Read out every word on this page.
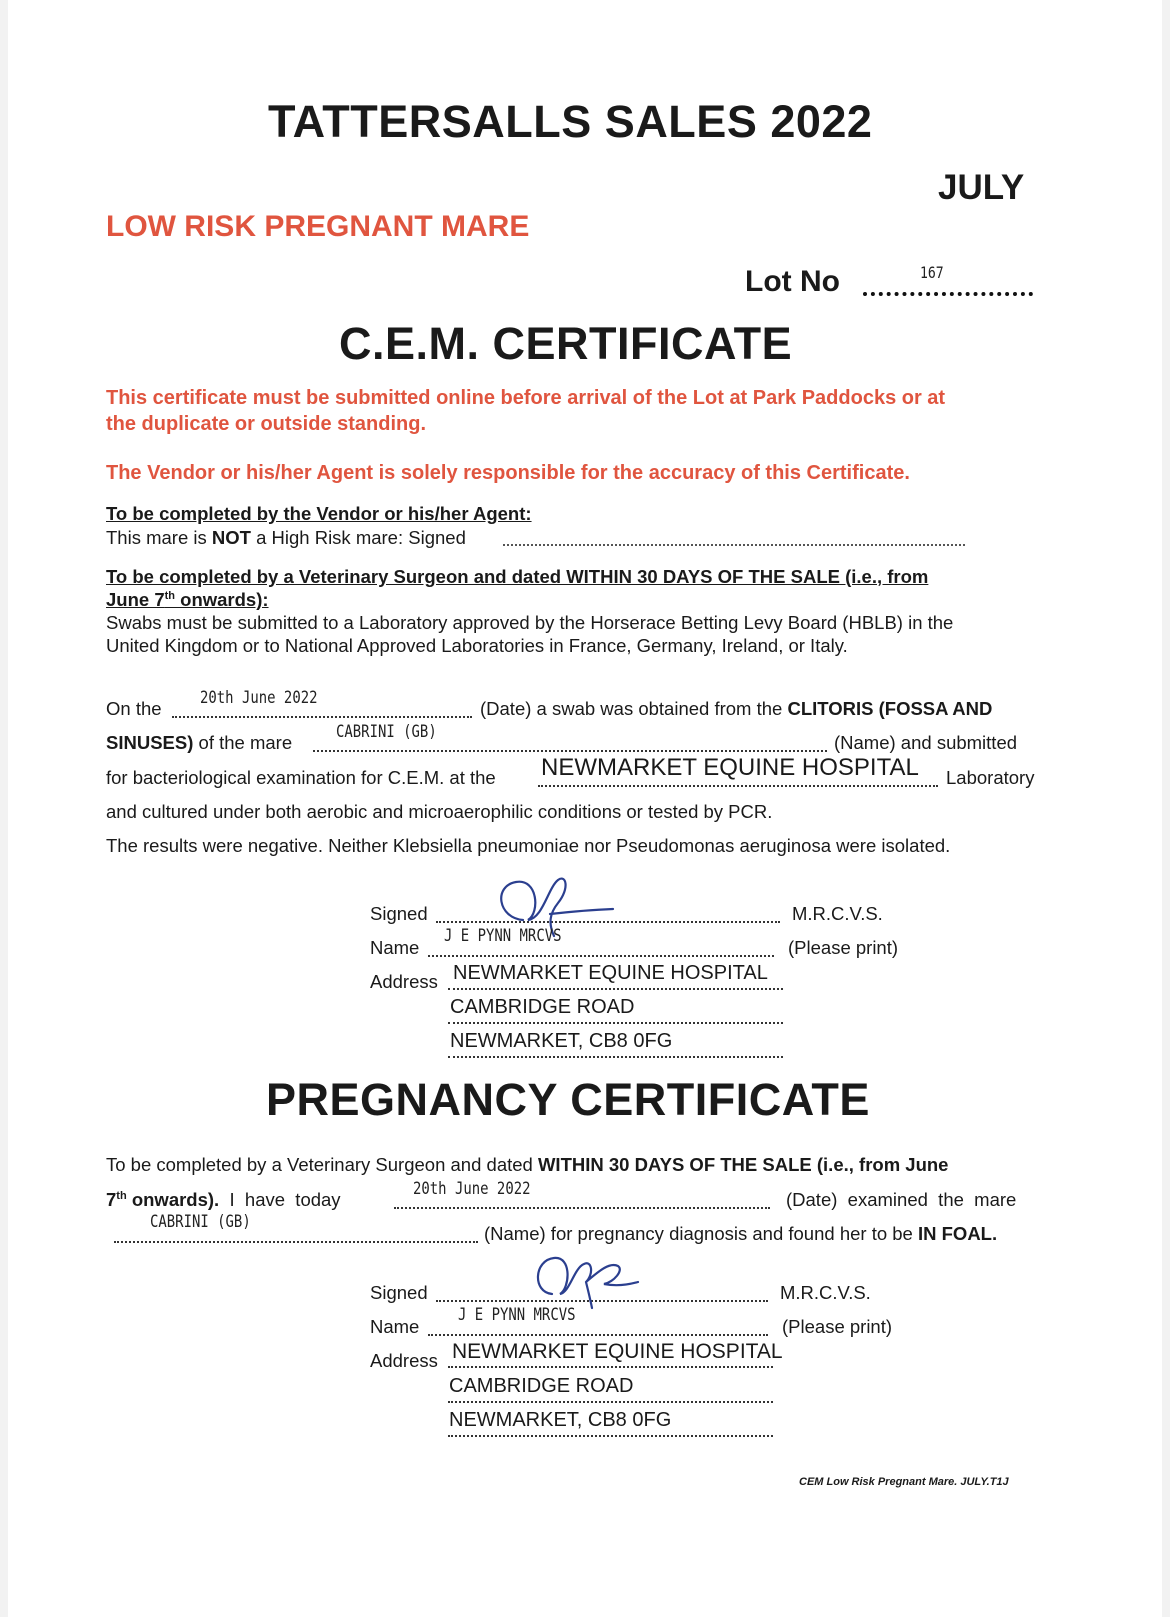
TATTERSALLS SALES 2022
JULY
LOW RISK PREGNANT MARE
Lot No	167
C.E.M. CERTIFICATE
This certificate must be submitted online before arrival of the Lot at Park Paddocks or at
the duplicate or outside standing.
The Vendor or his/her Agent is solely responsible for the accuracy of this Certificate.
To be completed by the Vendor or his/her Agent:
This mare is NOT a High Risk mare: Signed
To be completed by a Veterinary Surgeon and dated WITHIN 30 DAYS OF THE SALE (i.e., from
June 7th onwards):
Swabs must be submitted to a Laboratory approved by the Horserace Betting Levy Board (HBLB) in the
United Kingdom or to National Approved Laboratories in France, Germany, Ireland, or Italy.
On the 20th June 2022	(Date) a swab was obtained from the CLITORIS (FOSSA AND
SINUSES) of the mare	CABRINI (GB)	(Name) and submitted
for bacteriological examination for C.E.M. at the NEWMARKET EQUINE HOSPITAL Laboratory
and cultured under both aerobic and microaerophilic conditions or tested by PCR.
The results were negative. Neither Klebsiella pneumoniae nor Pseudomonas aeruginosa were isolated.
Signed	M.R.C.V.S.
Name
J E PYNN MRCVS
(Please print)
Address NEWMARKET EQUINE HOSPITAL
CAMBRIDGE ROAD
NEWMARKET, CB8 0FG
PREGNANCY CERTIFICATE
To be completed by a Veterinary Surgeon and dated WITHIN 30 DAYS OF THE SALE (i.e., from June
7th onwards).  I  have  today	20th June 2022	(Date)  examined  the  mare
CABRINI (GB)
(Name) for pregnancy diagnosis and found her to be IN FOAL.
Signed	M.R.C.V.S.
Name
J E PYNN MRCVS
(Please print)
Address NEWMARKET EQUINE HOSPITAL
CAMBRIDGE ROAD
NEWMARKET, CB8 0FG
CEM Low Risk Pregnant Mare. JULY.T1J
